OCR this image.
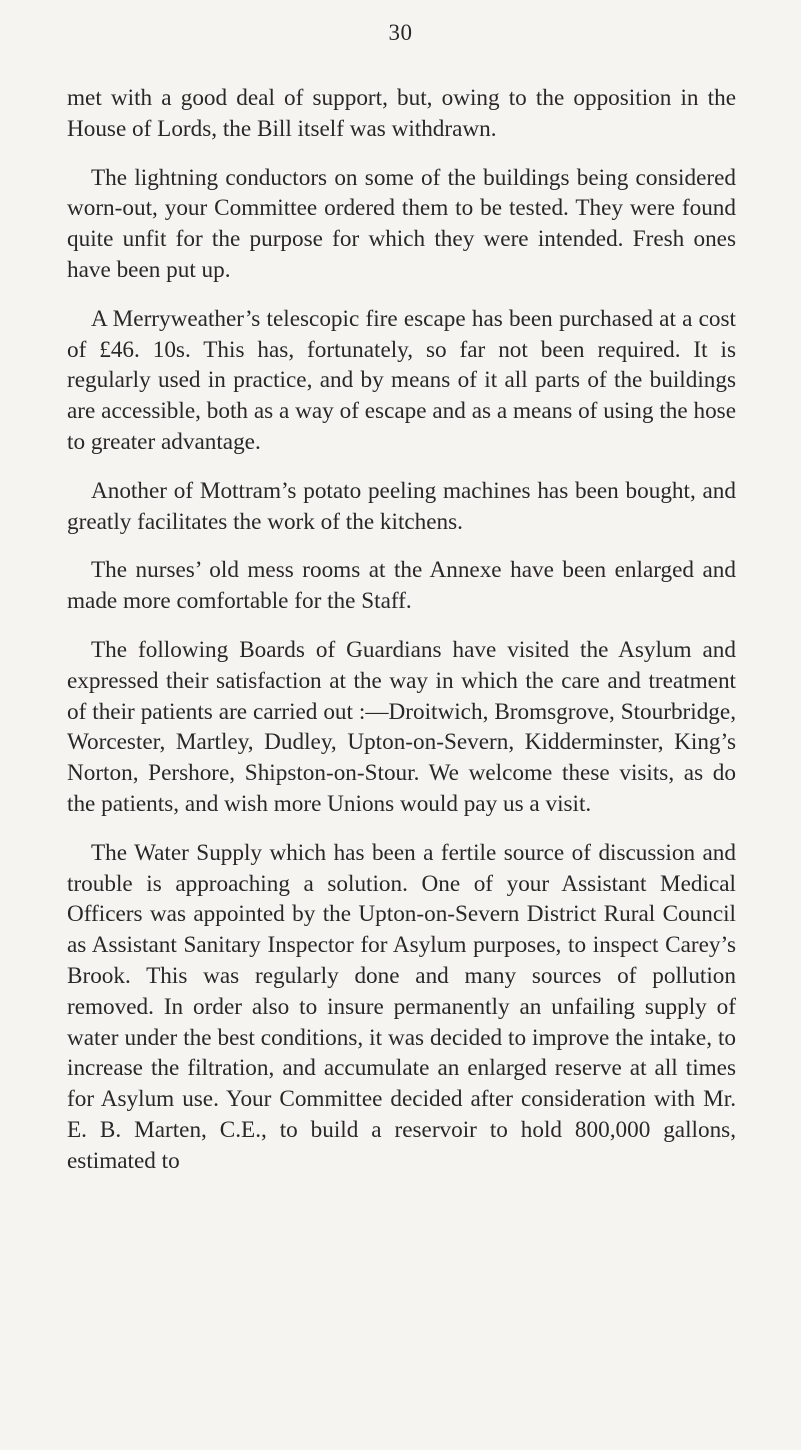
30

met with a good deal of support, but, owing to the opposition in the House of Lords, the Bill itself was withdrawn.

The lightning conductors on some of the buildings being considered worn-out, your Committee ordered them to be tested. They were found quite unfit for the purpose for which they were intended. Fresh ones have been put up.

A Merryweather’s telescopic fire escape has been purchased at a cost of £46. 10s. This has, fortunately, so far not been required. It is regularly used in practice, and by means of it all parts of the buildings are accessible, both as a way of escape and as a means of using the hose to greater advantage.

Another of Mottram’s potato peeling machines has been bought, and greatly facilitates the work of the kitchens.

The nurses’ old mess rooms at the Annexe have been enlarged and made more comfortable for the Staff.

The following Boards of Guardians have visited the Asylum and expressed their satisfaction at the way in which the care and treatment of their patients are carried out :—Droitwich, Bromsgrove, Stourbridge, Worcester, Martley, Dudley, Upton-on-Severn, Kidderminster, King’s Norton, Pershore, Shipston-on-Stour. We welcome these visits, as do the patients, and wish more Unions would pay us a visit.

The Water Supply which has been a fertile source of discussion and trouble is approaching a solution. One of your Assistant Medical Officers was appointed by the Upton-on-Severn District Rural Council as Assistant Sanitary Inspector for Asylum purposes, to inspect Carey’s Brook. This was regularly done and many sources of pollution removed. In order also to insure permanently an unfailing supply of water under the best conditions, it was decided to improve the intake, to increase the filtration, and accumulate an enlarged reserve at all times for Asylum use. Your Committee decided after consideration with Mr. E. B. Marten, C.E., to build a reservoir to hold 800,000 gallons, estimated to
